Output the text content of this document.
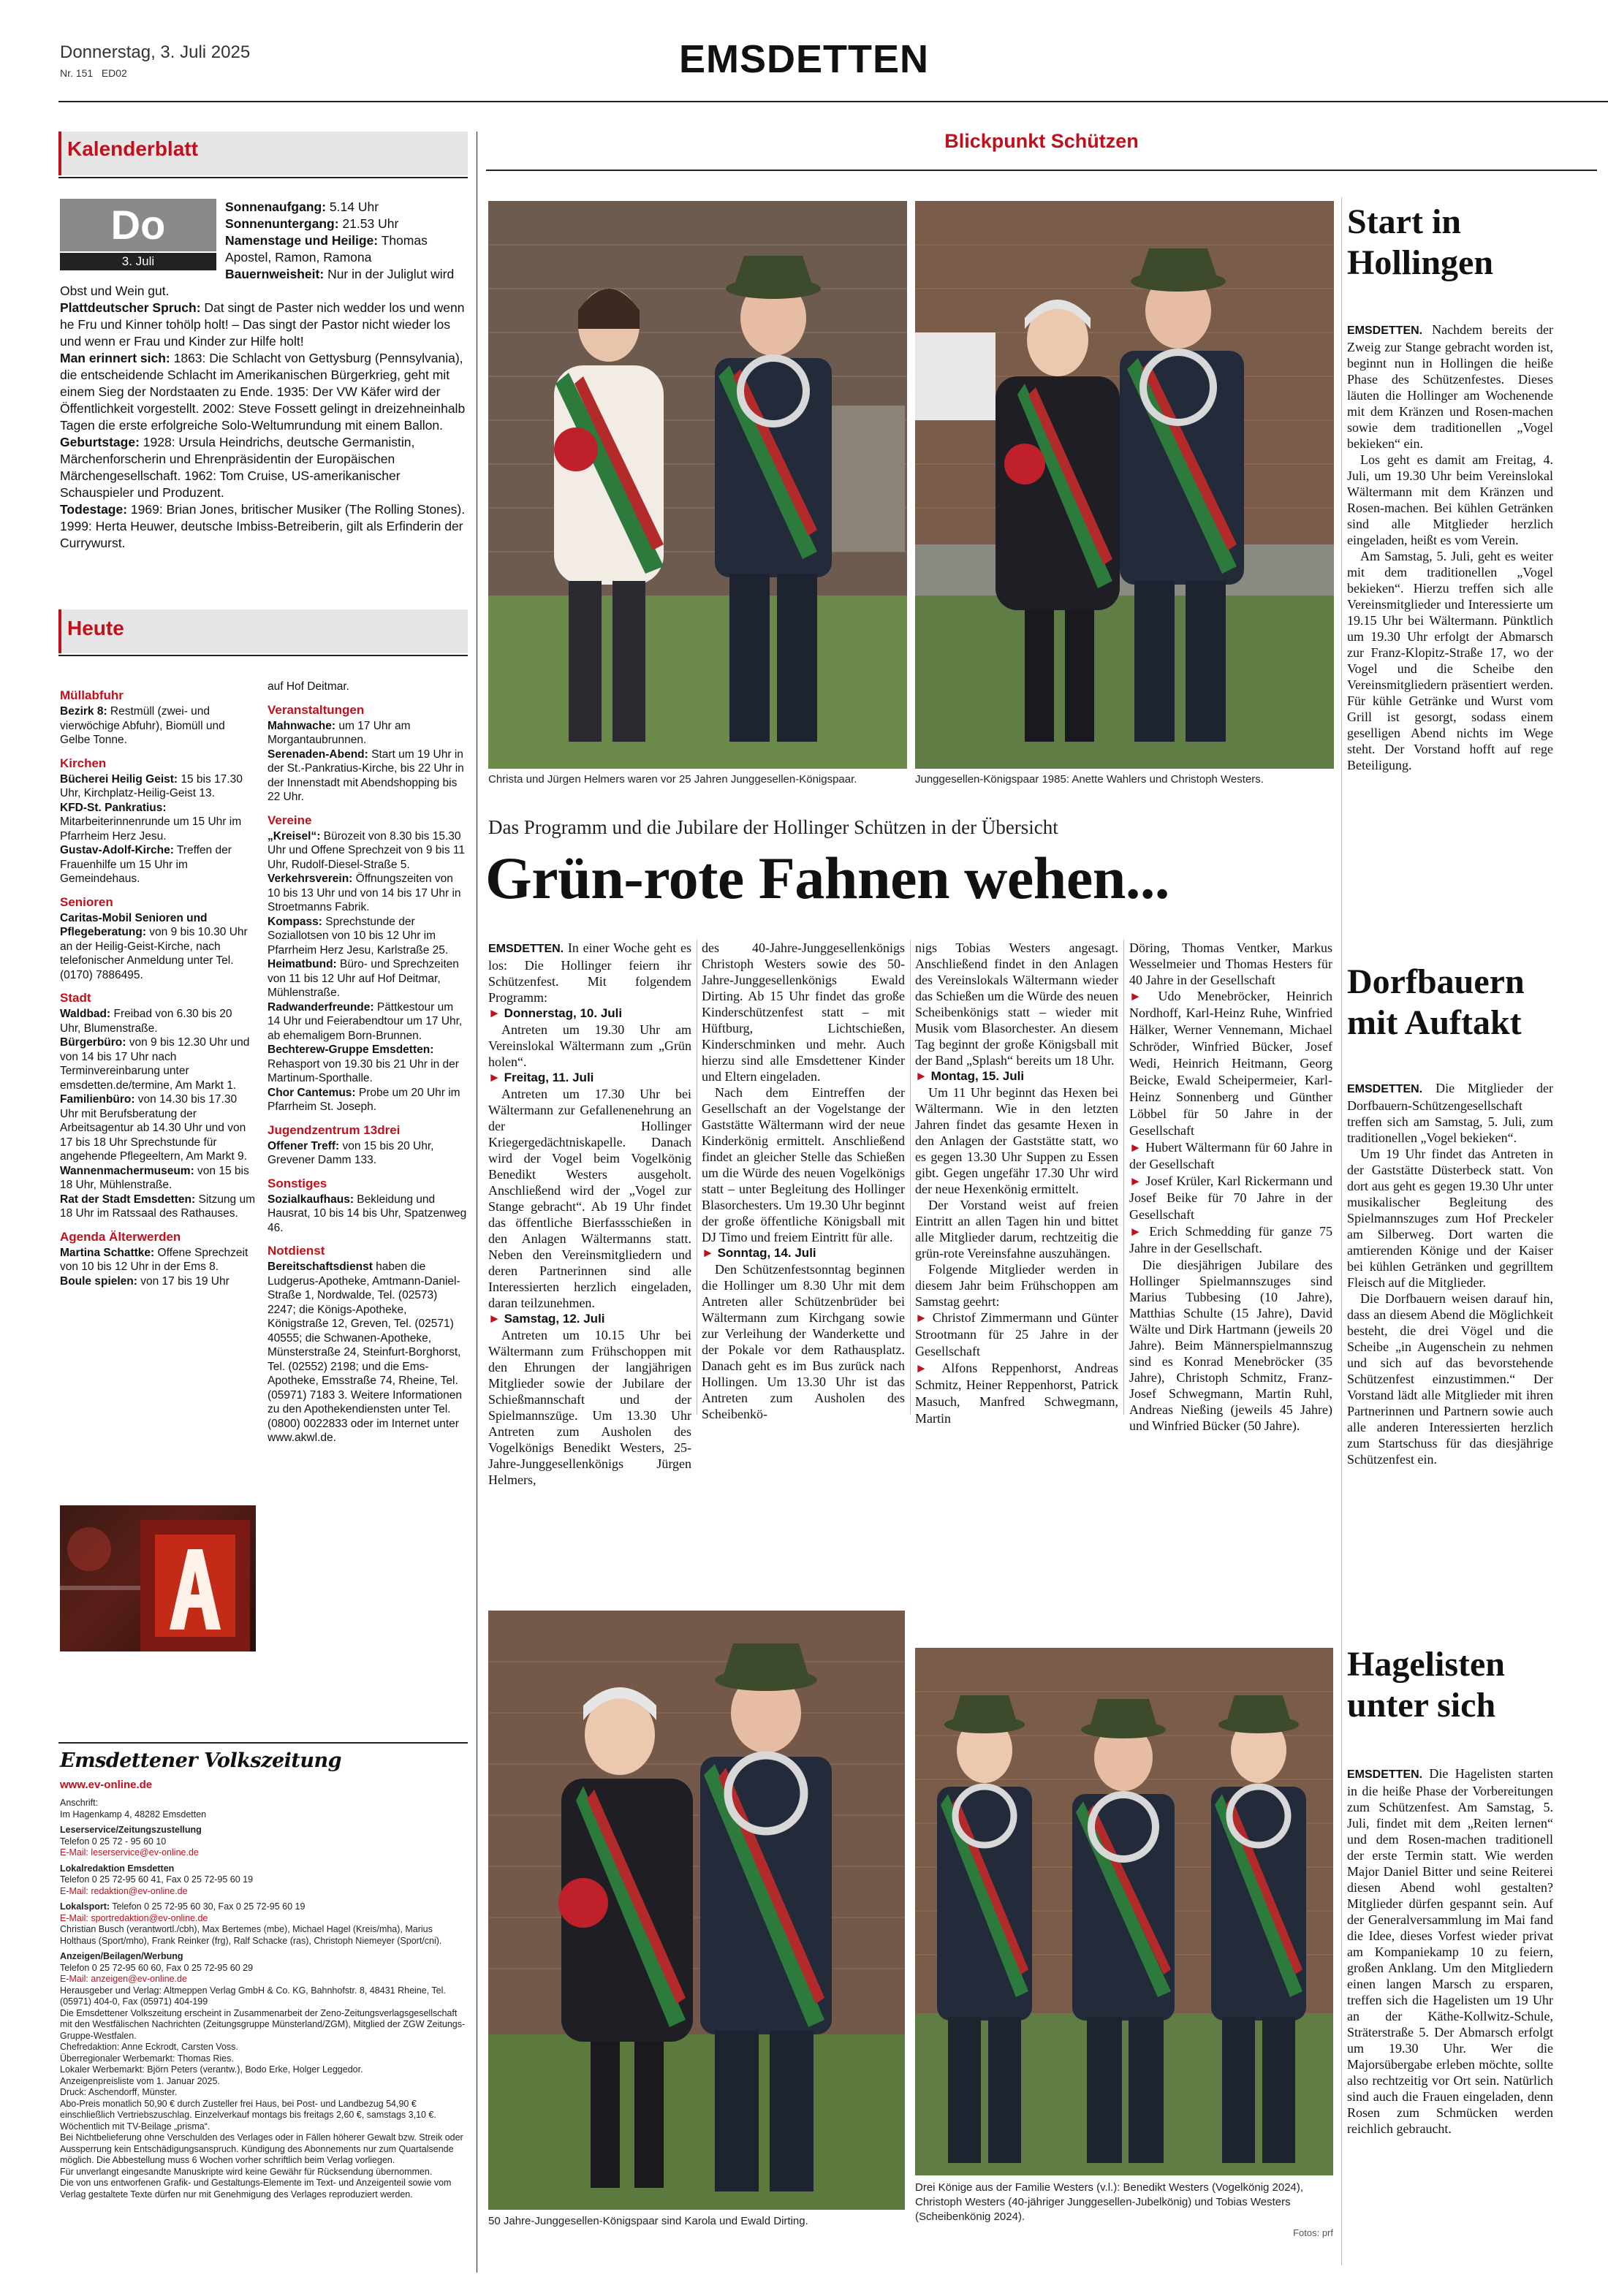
Donnerstag, 3. Juli 2025
Nr. 151 ED02	EMSDETTEN
Kalenderblatt
Do
3. Juli
Sonnenaufgang: 5.14 Uhr
Sonnenuntergang: 21.53 Uhr
Namenstage und Heilige: Thomas Apostel, Ramon, Ramona
Bauernweisheit: Nur in der Juliglut wird Obst und Wein gut.
Plattdeutscher Spruch: Dat singt de Paster nich wedder los und wenn he Fru und Kinner tohölp holt! – Das singt der Pastor nicht wieder los und wenn er Frau und Kinder zur Hilfe holt!
Man erinnert sich: 1863: Die Schlacht von Gettysburg (Pennsylvania), die entscheidende Schlacht im Amerikanischen Bürgerkrieg, geht mit einem Sieg der Nordstaaten zu Ende. 1935: Der VW Käfer wird der Öffentlichkeit vorgestellt. 2002: Steve Fossett gelingt in dreizehneinhalb Tagen die erste erfolgreiche Solo-Weltumrundung mit einem Ballon.
Geburtstage: 1928: Ursula Heindrichs, deutsche Germanistin, Märchenforscherin und Ehrenpräsidentin der Europäischen Märchengesellschaft. 1962: Tom Cruise, US-amerikanischer Schauspieler und Produzent.
Todestage: 1969: Brian Jones, britischer Musiker (The Rolling Stones). 1999: Herta Heuwer, deutsche Imbiss-Betreiberin, gilt als Erfinderin der Currywurst.
Heute
Müllabfuhr

Bezirk 8: Restmüll (zwei- und vierwöchige Abfuhr), Biomüll und Gelbe Tonne.

Kirchen

Bücherei Heilig Geist: 15 bis 17.30 Uhr, Kirchplatz-Heilig-Geist 13.

KFD-St. Pankratius: Mitarbeiterinnenrunde um 15 Uhr im Pfarrheim Herz Jesu.

Gustav-Adolf-Kirche: Treffen der Frauenhilfe um 15 Uhr im Gemeindehaus.

Senioren

Caritas-Mobil Senioren und Pflegeberatung: von 9 bis 10.30 Uhr an der Heilig-Geist-Kirche, nach telefonischer Anmeldung unter Tel. (0170) 7886495.

Stadt

Waldbad: Freibad von 6.30 bis 20 Uhr, Blumenstraße.

Bürgerbüro: von 9 bis 12.30 Uhr und von 14 bis 17 Uhr nach Terminvereinbarung unter emsdetten.de/termine, Am Markt 1.

Familienbüro: von 14.30 bis 17.30 Uhr mit Berufsberatung der Arbeitsagentur ab 14.30 Uhr und von 17 bis 18 Uhr Sprechstunde für angehende Pflegeeltern, Am Markt 9.

Wannenmachermuseum: von 15 bis 18 Uhr, Mühlenstraße.

Rat der Stadt Emsdetten: Sitzung um 18 Uhr im Ratssaal des Rathauses.

Agenda Älterwerden

Martina Schattke: Offene Sprechzeit von 10 bis 12 Uhr in der Ems 8.

Boule spielen: von 17 bis 19 Uhr

auf Hof Deitmar.

Veranstaltungen

Mahnwache: um 17 Uhr am Morgantaubrunnen.

Serenaden-Abend: Start um 19 Uhr in der St.-Pankratius-Kirche, bis 22 Uhr in der Innenstadt mit Abendshopping bis 22 Uhr.

Vereine

„Kreisel“: Bürozeit von 8.30 bis 15.30 Uhr und Offene Sprechzeit von 9 bis 11 Uhr, Rudolf-Diesel-Straße 5.

Verkehrsverein: Öffnungszeiten von 10 bis 13 Uhr und von 14 bis 17 Uhr in Stroetmanns Fabrik.

Kompass: Sprechstunde der Soziallotsen von 10 bis 12 Uhr im Pfarrheim Herz Jesu, Karlstraße 25.

Heimatbund: Büro- und Sprechzeiten von 11 bis 12 Uhr auf Hof Deitmar, Mühlenstraße.

Radwanderfreunde: Pättkestour um 14 Uhr und Feierabendtour um 17 Uhr, ab ehemaligem Born-Brunnen.

Bechterew-Gruppe Emsdetten: Rehasport von 19.30 bis 21 Uhr in der Martinum-Sporthalle.

Chor Cantemus: Probe um 20 Uhr im Pfarrheim St. Joseph.

Jugendzentrum 13drei

Offener Treff: von 15 bis 20 Uhr, Grevener Damm 133.

Sonstiges

Sozialkaufhaus: Bekleidung und Hausrat, 10 bis 14 bis Uhr, Spatzenweg 46.

Notdienst

Bereitschaftsdienst haben die Ludgerus-Apotheke, Amtmann-Daniel-Straße 1, Nordwalde, Tel. (02573) 2247; die Königs-Apotheke, Königstraße 12, Greven, Tel. (02571) 40555; die Schwanen-Apotheke, Münsterstraße 24, Steinfurt-Borghorst, Tel. (02552) 2198; und die Ems-Apotheke, Emsstraße 74, Rheine, Tel. (05971) 7183 3. Weitere Informationen zu den Apothekendiensten unter Tel. (0800) 0022833 oder im Internet unter www.akwl.de.

Emsdettener Volkszeitung
www.ev-online.de
Anschrift:
Im Hagenkamp 4, 48282 Emsdetten
Leserservice/Zeitungszustellung
Telefon 0 25 72 - 95 60 10
E-Mail: leserservice@ev-online.de
Lokalredaktion Emsdetten
Telefon 0 25 72-95 60 41, Fax 0 25 72-95 60 19
E-Mail: redaktion@ev-online.de
Lokalsport: Telefon 0 25 72-95 60 30, Fax 0 25 72-95 60 19
E-Mail: sportredaktion@ev-online.de
Christian Busch (verantwortl./cbh), Max Bertemes (mbe), Michael Hagel (Kreis/mha), Marius Holthaus (Sport/mho), Frank Reinker (frg), Ralf Schacke (ras), Christoph Niemeyer (Sport/cni).
Anzeigen/Beilagen/Werbung
Telefon 0 25 72-95 60 60, Fax 0 25 72-95 60 29
E-Mail: anzeigen@ev-online.de
Herausgeber und Verlag: Altmeppen Verlag GmbH & Co. KG, Bahnhofstr. 8, 48431 Rheine, Tel. (05971) 404-0, Fax (05971) 404-199
Die Emsdettener Volkszeitung erscheint in Zusammenarbeit der Zeno-Zeitungsverlagsgesellschaft mit den Westfälischen Nachrichten (Zeitungsgruppe Münsterland/ZGM), Mitglied der ZGW Zeitungs-Gruppe-Westfalen.
Chefredaktion: Anne Eckrodt, Carsten Voss.
Überregionaler Werbemarkt: Thomas Ries.
Lokaler Werbemarkt: Björn Peters (verantw.), Bodo Erke, Holger Leggedor.
Anzeigenpreisliste vom 1. Januar 2025.
Druck: Aschendorff, Münster.
Abo-Preis monatlich 50,90 € durch Zusteller frei Haus, bei Post- und Landbezug 54,90 € einschließlich Vertriebszuschlag. Einzelverkauf montags bis freitags 2,60 €, samstags 3,10 €. Wöchentlich mit TV-Beilage „prisma“.
Bei Nichtbelieferung ohne Verschulden des Verlages oder in Fällen höherer Gewalt bzw. Streik oder Aussperrung kein Entschädigungsanspruch. Kündigung des Abonnements nur zum Quartalsende möglich. Die Abbestellung muss 6 Wochen vorher schriftlich beim Verlag vorliegen.
Für unverlangt eingesandte Manuskripte wird keine Gewähr für Rücksendung übernommen.
Die von uns entworfenen Grafik- und Gestaltungs-Elemente im Text- und Anzeigenteil sowie vom Verlag gestaltete Texte dürfen nur mit Genehmigung des Verlages reproduziert werden.
Blickpunkt Schützen
Christa und Jürgen Helmers waren vor 25 Jahren Junggesellen-Königspaar.	Junggesellen-Königspaar 1985: Anette Wahlers und Christoph Westers.
Das Programm und die Jubilare der Hollinger Schützen in der Übersicht
Grün-rote Fahnen wehen...

EMSDETTEN. In einer Woche geht es los: Die Hollinger feiern ihr Schützenfest. Mit folgendem Programm:

► Donnerstag, 10. Juli

Antreten um 19.30 Uhr am Vereinslokal Wältermann zum „Grün holen“.

► Freitag, 11. Juli

Antreten um 17.30 Uhr bei Wältermann zur Gefallenenehrung an der Hollinger Kriegergedächtniskapelle. Danach wird der Vogel beim Vogelkönig Benedikt Westers ausgeholt. Anschließend wird der „Vogel zur Stange gebracht“. Ab 19 Uhr findet das öffentliche Bierfassschießen in den Anlagen Wältermanns statt. Neben den Vereinsmitgliedern und deren Partnerinnen sind alle Interessierten herzlich eingeladen, daran teilzunehmen.

► Samstag, 12. Juli

Antreten um 10.15 Uhr bei Wältermann zum Frühschoppen mit den Ehrungen der langjährigen Mitglieder sowie der Jubilare der Schießmannschaft und der Spielmannszüge. Um 13.30 Uhr Antreten zum Ausholen des Vogelkönigs Benedikt Westers, 25-Jahre-Junggesellenkönigs Jürgen Helmers,

des 40-Jahre-Junggesellenkönigs Christoph Westers sowie des 50-Jahre-Junggesellenkönigs Ewald Dirting. Ab 15 Uhr findet das große Kinderschützenfest statt – mit Hüftburg, Lichtschießen, Kinderschminken und mehr. Auch hierzu sind alle Emsdettener Kinder und Eltern eingeladen.

Nach dem Eintreffen der Gesellschaft an der Vogelstange der Gaststätte Wältermann wird der neue Kinderkönig ermittelt. Anschließend findet an gleicher Stelle das Schießen um die Würde des neuen Vogelkönigs statt – unter Begleitung des Hollinger Blasorchesters. Um 19.30 Uhr beginnt der große öffentliche Königsball mit DJ Timo und freiem Eintritt für alle.

► Sonntag, 14. Juli

Den Schützenfestsonntag beginnen die Hollinger um 8.30 Uhr mit dem Antreten aller Schützenbrüder bei Wältermann zum Kirchgang sowie zur Verleihung der Wanderkette und der Pokale vor dem Rathausplatz. Danach geht es im Bus zurück nach Hollingen. Um 13.30 Uhr ist das Antreten zum Ausholen des Scheibenkö-

nigs Tobias Westers angesagt. Anschließend findet in den Anlagen des Vereinslokals Wältermann wieder das Schießen um die Würde des neuen Scheibenkönigs statt – wieder mit Musik vom Blasorchester. An diesem Tag beginnt der große Königsball mit der Band „Splash“ bereits um 18 Uhr.

► Montag, 15. Juli

Um 11 Uhr beginnt das Hexen bei Wältermann. Wie in den letzten Jahren findet das gesamte Hexen in den Anlagen der Gaststätte statt, wo es gegen 13.30 Uhr Suppen zu Essen gibt. Gegen ungefähr 17.30 Uhr wird der neue Hexenkönig ermittelt.

Der Vorstand weist auf freien Eintritt an allen Tagen hin und bittet alle Mitglieder darum, rechtzeitig die grün-rote Vereinsfahne auszuhängen.

Folgende Mitglieder werden in diesem Jahr beim Frühschoppen am Samstag geehrt:

► Christof Zimmermann und Günter Strootmann für 25 Jahre in der Gesellschaft

► Alfons Reppenhorst, Andreas Schmitz, Heiner Reppenhorst, Patrick Masuch, Manfred Schwegmann, Martin

Döring, Thomas Ventker, Markus Wesselmeier und Thomas Hesters für 40 Jahre in der Gesellschaft

► Udo Menebröcker, Heinrich Nordhoff, Karl-Heinz Ruhe, Winfried Hälker, Werner Vennemann, Michael Schröder, Winfried Bücker, Josef Wedi, Heinrich Heitmann, Georg Beicke, Ewald Scheipermeier, Karl-Heinz Sonnenberg und Günther Löbbel für 50 Jahre in der Gesellschaft

► Hubert Wältermann für 60 Jahre in der Gesellschaft

► Josef Krüler, Karl Rickermann und Josef Beike für 70 Jahre in der Gesellschaft

► Erich Schmedding für ganze 75 Jahre in der Gesellschaft.

Die diesjährigen Jubilare des Hollinger Spielmannszuges sind Marius Tubbesing (10 Jahre), Matthias Schulte (15 Jahre), David Wälte und Dirk Hartmann (jeweils 20 Jahre). Beim Männerspielmannszug sind es Konrad Menebröcker (35 Jahre), Christoph Schmitz, Franz-Josef Schwegmann, Martin Ruhl, Andreas Nießing (jeweils 45 Jahre) und Winfried Bücker (50 Jahre).

50 Jahre-Junggesellen-Königspaar sind Karola und Ewald Dirting.
Drei Könige aus der Familie Westers (v.l.): Benedikt Westers (Vogelkönig 2024), Christoph Westers (40-jähriger Junggesellen-Jubelkönig) und Tobias Westers (Scheibenkönig 2024).
Fotos: prf
Start in Hollingen

EMSDETTEN. Nachdem bereits der Zweig zur Stange gebracht worden ist, beginnt nun in Hollingen die heiße Phase des Schützenfestes. Dieses läuten die Hollinger am Wochenende mit dem Kränzen und Rosen-machen sowie dem traditionellen „Vogel bekieken“ ein.

Los geht es damit am Freitag, 4. Juli, um 19.30 Uhr beim Vereinslokal Wältermann mit dem Kränzen und Rosen-machen. Bei kühlen Getränken sind alle Mitglieder herzlich eingeladen, heißt es vom Verein.

Am Samstag, 5. Juli, geht es weiter mit dem traditionellen „Vogel bekieken“. Hierzu treffen sich alle Vereinsmitglieder und Interessierte um 19.15 Uhr bei Wältermann. Pünktlich um 19.30 Uhr erfolgt der Abmarsch zur Franz-Klopitz-Straße 17, wo der Vogel und die Scheibe den Vereinsmitgliedern präsentiert werden. Für kühle Getränke und Wurst vom Grill ist gesorgt, sodass einem geselligen Abend nichts im Wege steht. Der Vorstand hofft auf rege Beteiligung.

Dorfbauern mit Auftakt

EMSDETTEN. Die Mitglieder der Dorfbauern-Schützengesellschaft treffen sich am Samstag, 5. Juli, zum traditionellen „Vogel bekieken“.

Um 19 Uhr findet das Antreten in der Gaststätte Düsterbeck statt. Von dort aus geht es gegen 19.30 Uhr unter musikalischer Begleitung des Spielmannszuges zum Hof Preckeler am Silberweg. Dort warten die amtierenden Könige und der Kaiser bei kühlen Getränken und gegrilltem Fleisch auf die Mitglieder.

Die Dorfbauern weisen darauf hin, dass an diesem Abend die Möglichkeit besteht, die drei Vögel und die Scheibe „in Augenschein zu nehmen und sich auf das bevorstehende Schützenfest einzustimmen.“ Der Vorstand lädt alle Mitglieder mit ihren Partnerinnen und Partnern sowie auch alle anderen Interessierten herzlich zum Startschuss für das diesjährige Schützenfest ein.

Hagelisten unter sich

EMSDETTEN. Die Hagelisten starten in die heiße Phase der Vorbereitungen zum Schützenfest. Am Samstag, 5. Juli, findet mit dem „Reiten lernen“ und dem Rosen-machen traditionell der erste Termin statt. Wie werden Major Daniel Bitter und seine Reiterei diesen Abend wohl gestalten? Mitglieder dürfen gespannt sein. Auf der Generalversammlung im Mai fand die Idee, dieses Vorfest wieder privat am Kompaniekamp 10 zu feiern, großen Anklang. Um den Mitgliedern einen langen Marsch zu ersparen, treffen sich die Hagelisten um 19 Uhr an der Käthe-Kollwitz-Schule, Sträterstraße 5. Der Abmarsch erfolgt um 19.30 Uhr. Wer die Majorsübergabe erleben möchte, sollte also rechtzeitig vor Ort sein. Natürlich sind auch die Frauen eingeladen, denn Rosen zum Schmücken werden reichlich gebraucht.
